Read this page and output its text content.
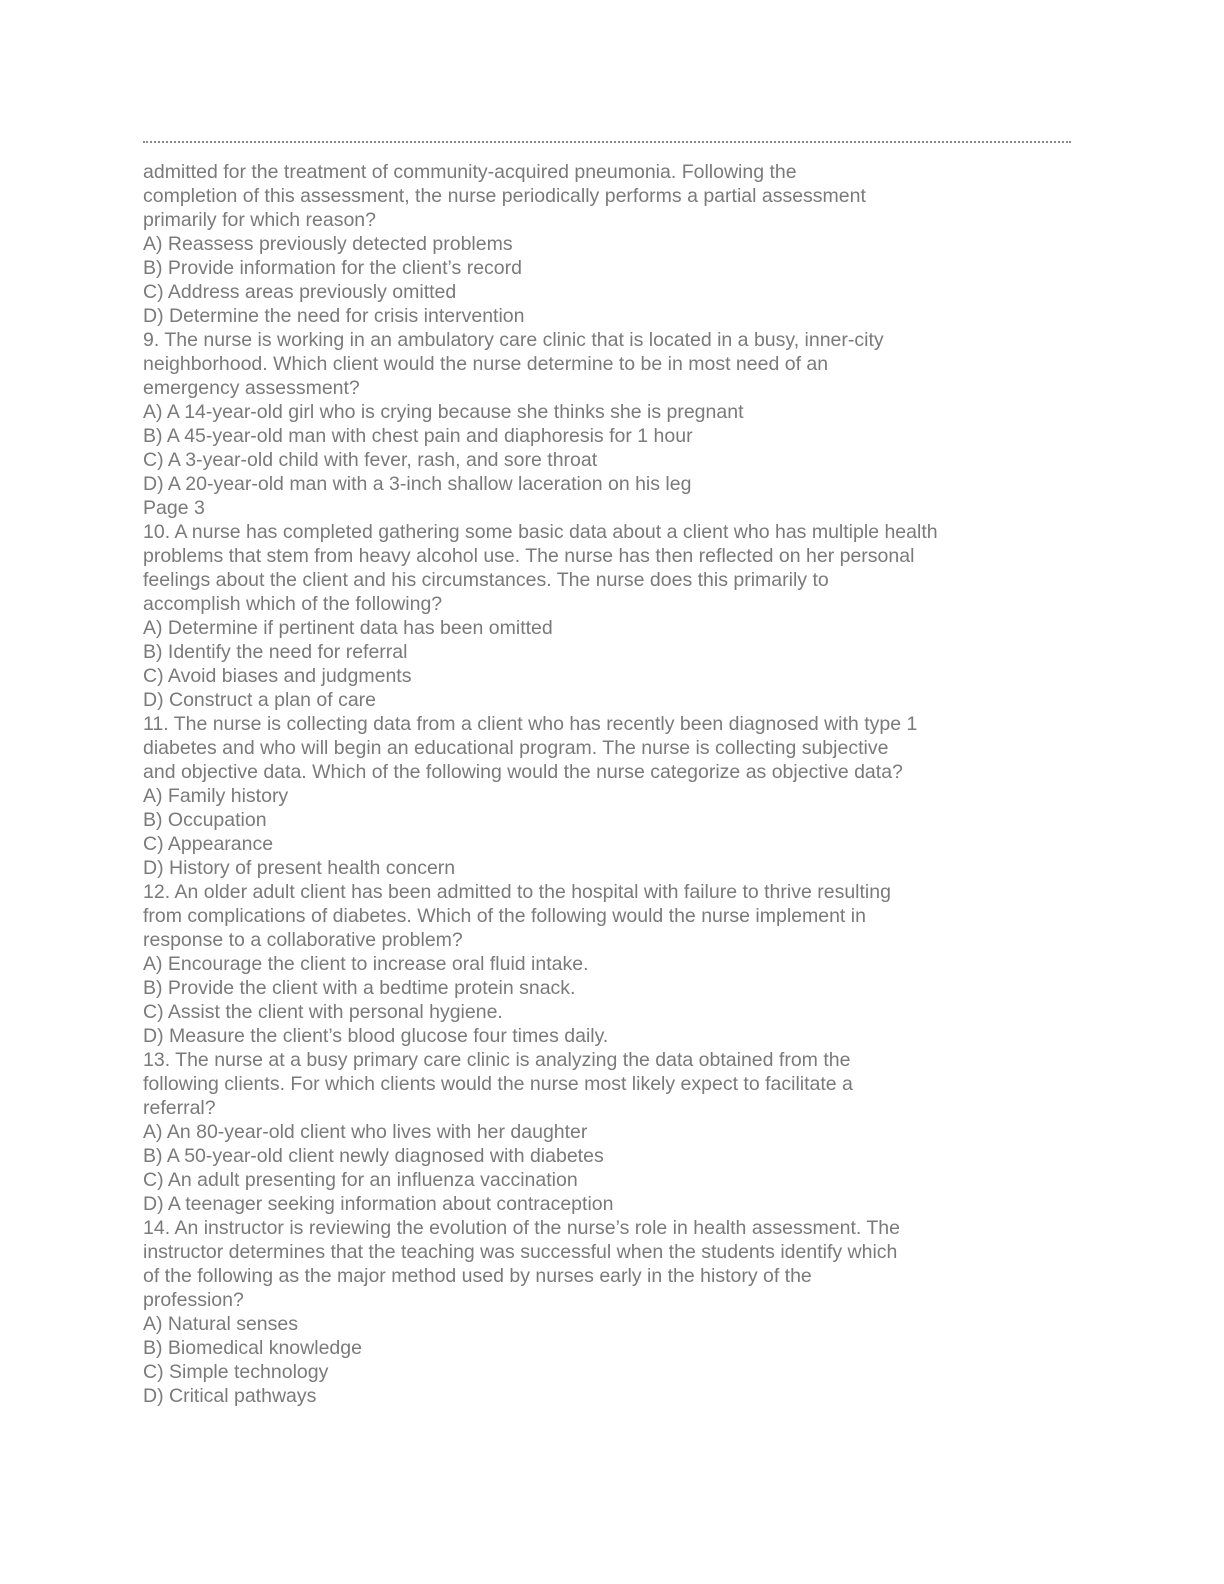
admitted for the treatment of community-acquired pneumonia. Following the
completion of this assessment, the nurse periodically performs a partial assessment
primarily for which reason?
A) Reassess previously detected problems
B) Provide information for the client’s record
C) Address areas previously omitted
D) Determine the need for crisis intervention
9. The nurse is working in an ambulatory care clinic that is located in a busy, inner-city
neighborhood. Which client would the nurse determine to be in most need of an
emergency assessment?
A) A 14-year-old girl who is crying because she thinks she is pregnant
B) A 45-year-old man with chest pain and diaphoresis for 1 hour
C) A 3-year-old child with fever, rash, and sore throat
D) A 20-year-old man with a 3-inch shallow laceration on his leg
Page 3
10. A nurse has completed gathering some basic data about a client who has multiple health
problems that stem from heavy alcohol use. The nurse has then reflected on her personal
feelings about the client and his circumstances. The nurse does this primarily to
accomplish which of the following?
A) Determine if pertinent data has been omitted
B) Identify the need for referral
C) Avoid biases and judgments
D) Construct a plan of care
11. The nurse is collecting data from a client who has recently been diagnosed with type 1
diabetes and who will begin an educational program. The nurse is collecting subjective
and objective data. Which of the following would the nurse categorize as objective data?
A) Family history
B) Occupation
C) Appearance
D) History of present health concern
12. An older adult client has been admitted to the hospital with failure to thrive resulting
from complications of diabetes. Which of the following would the nurse implement in
response to a collaborative problem?
A) Encourage the client to increase oral fluid intake.
B) Provide the client with a bedtime protein snack.
C) Assist the client with personal hygiene.
D) Measure the client’s blood glucose four times daily.
13. The nurse at a busy primary care clinic is analyzing the data obtained from the
following clients. For which clients would the nurse most likely expect to facilitate a
referral?
A) An 80-year-old client who lives with her daughter
B) A 50-year-old client newly diagnosed with diabetes
C) An adult presenting for an influenza vaccination
D) A teenager seeking information about contraception
14. An instructor is reviewing the evolution of the nurse’s role in health assessment. The
instructor determines that the teaching was successful when the students identify which
of the following as the major method used by nurses early in the history of the
profession?
A) Natural senses
B) Biomedical knowledge
C) Simple technology
D) Critical pathways
